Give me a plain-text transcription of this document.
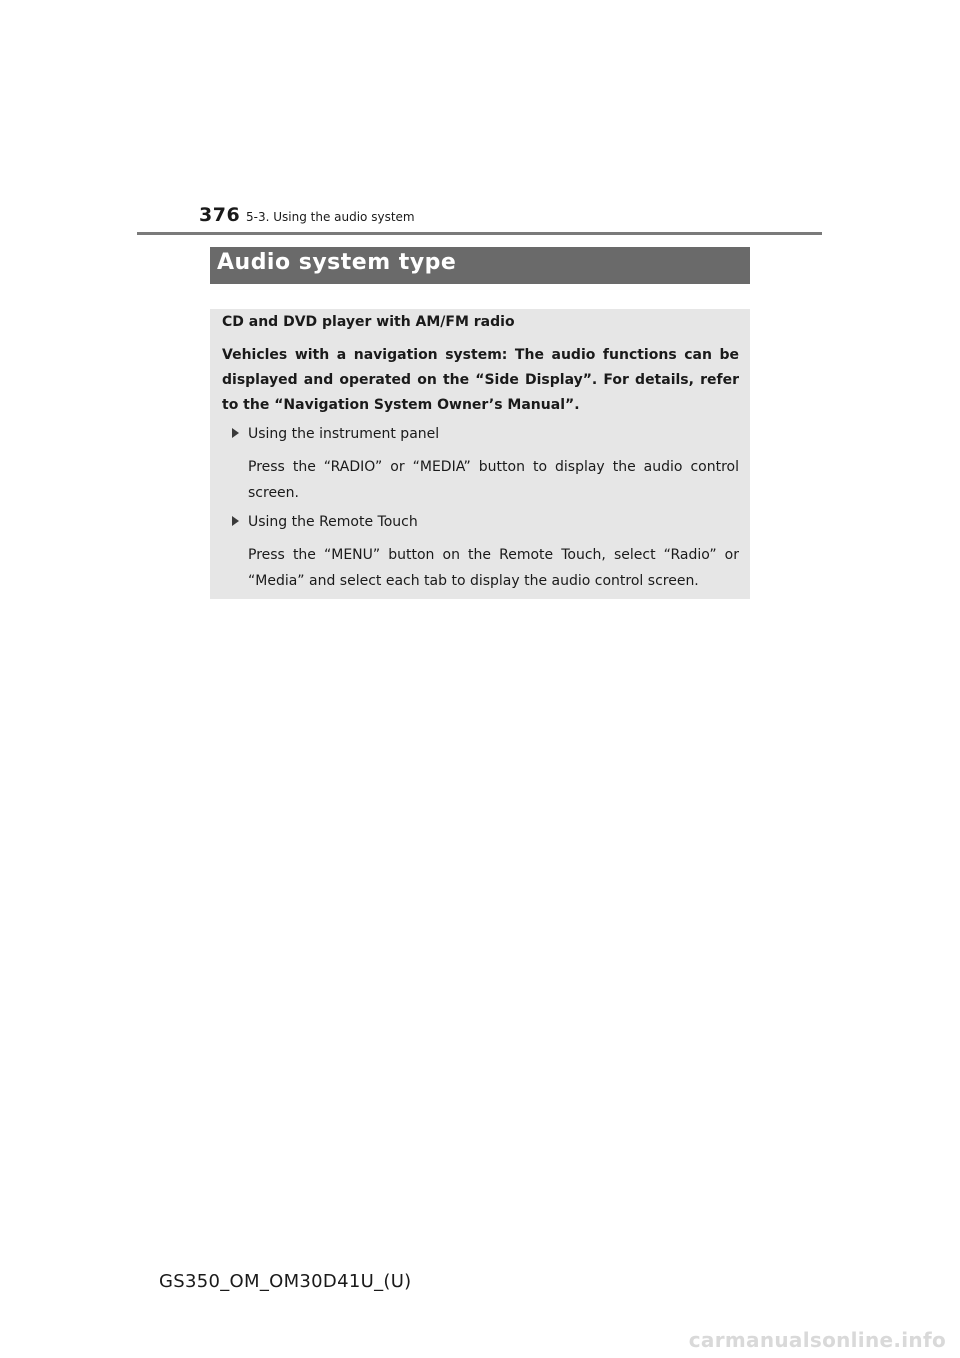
376 5-3. Using the audio system
Audio system type

CD and DVD player with AM/FM radio

Vehicles with a navigation system: The audio functions can be displayed and operated on the “Side Display”. For details, refer to the “Navigation System Owner’s Manual”.

Using the instrument panel

Press the “RADIO” or “MEDIA” button to display the audio control screen.

Using the Remote Touch

Press the “MENU” button on the Remote Touch, select “Radio” or “Media” and select each tab to display the audio control screen.

GS350_OM_OM30D41U_(U)
carmanualsonline.info
